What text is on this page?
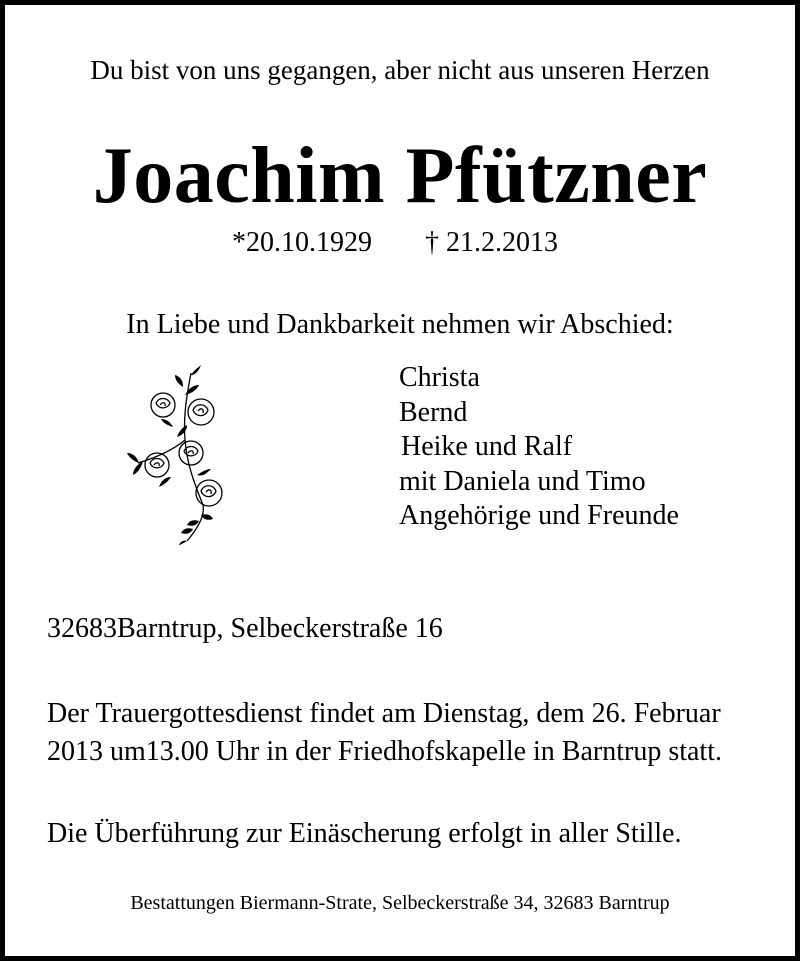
Du bist von uns gegangen, aber nicht aus unseren Herzen
Joachim Pfützner
*20.10.1929 † 21.2.2013
In Liebe und Dankbarkeit nehmen wir Abschied:
Christa
Bernd
Heike und Ralf
mit Daniela und Timo
Angehörige und Freunde
32683Barntrup, Selbeckerstraße 16
Der Trauergottesdienst findet am Dienstag, dem 26. Februar
2013 um13.00 Uhr in der Friedhofskapelle in Barntrup statt.
Die Überführung zur Einäscherung erfolgt in aller Stille.
Bestattungen Biermann-Strate, Selbeckerstraße 34, 32683 Barntrup
